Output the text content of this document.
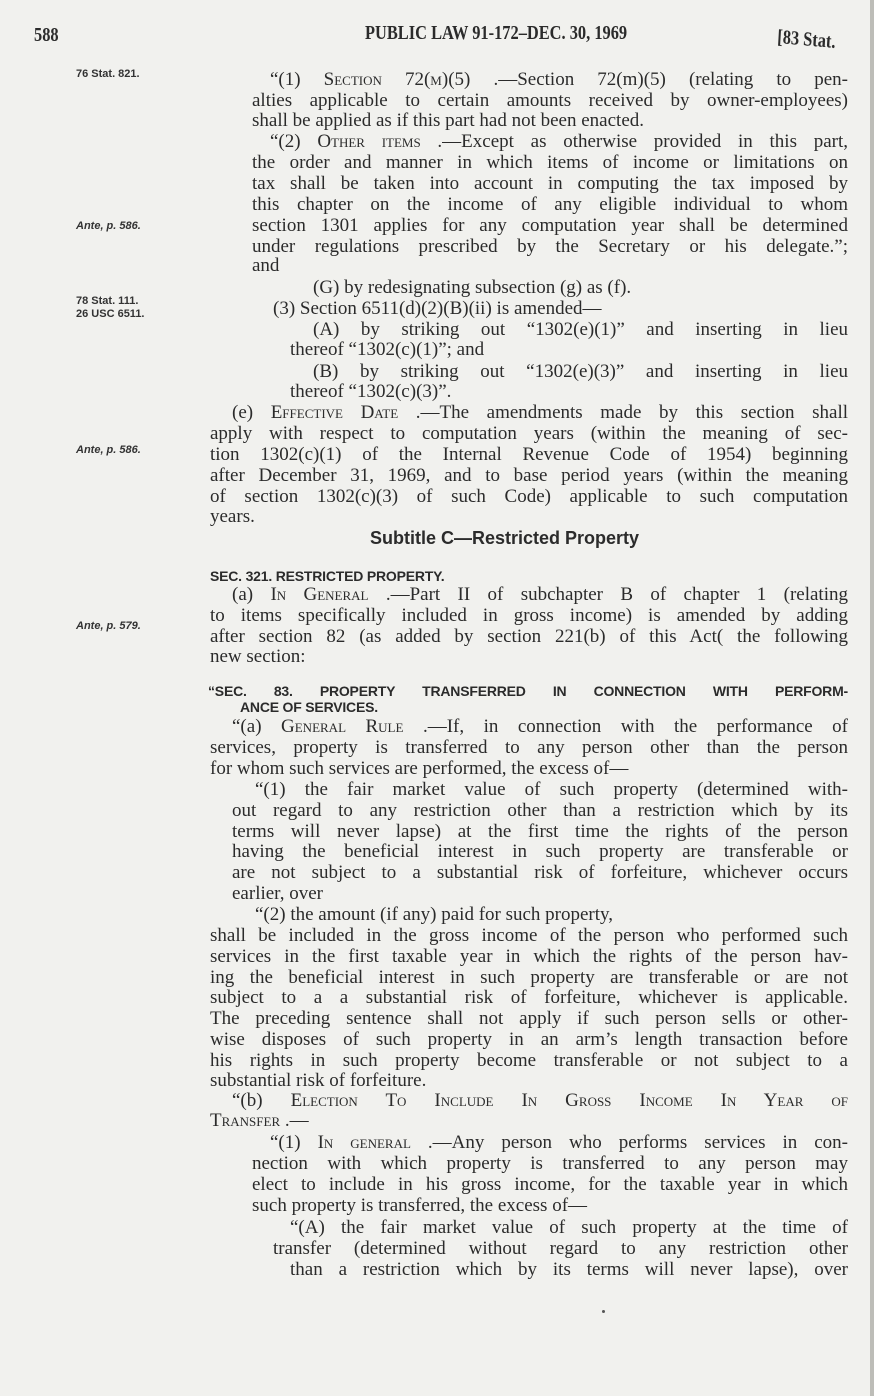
588	PUBLIC LAW 91-172–DEC. 30, 1969	[83 Stat.
76 Stat. 821.
Ante, p. 586.
78 Stat. 111.
26 USC 6511.
Ante, p. 586.
Ante, p. 579.
“(1) Section 72(m)(5) .—Section 72(m)(5) (relating to pen-
alties applicable to certain amounts received by owner-employees)
shall be applied as if this part had not been enacted.
“(2) Other items .—Except as otherwise provided in this part,
the order and manner in which items of income or limitations on
tax shall be taken into account in computing the tax imposed by
this chapter on the income of any eligible individual to whom
section 1301 applies for any computation year shall be determined
under regulations prescribed by the Secretary or his delegate.”;
and
(G) by redesignating subsection (g) as (f).
(3) Section 6511(d)(2)(B)(ii) is amended—
(A) by striking out “1302(e)(1)” and inserting in lieu
thereof “1302(c)(1)”; and
(B) by striking out “1302(e)(3)” and inserting in lieu
thereof “1302(c)(3)”.
(e) Effective Date .—The amendments made by this section shall
apply with respect to computation years (within the meaning of sec-
tion 1302(c)(1) of the Internal Revenue Code of 1954) beginning
after December 31, 1969, and to base period years (within the meaning
of section 1302(c)(3) of such Code) applicable to such computation
years.
Subtitle C—Restricted Property
SEC. 321. RESTRICTED PROPERTY.
(a) In General .—Part II of subchapter B of chapter 1 (relating
to items specifically included in gross income) is amended by adding
after section 82 (as added by section 221(b) of this Act( the following
new section:
“SEC. 83. PROPERTY TRANSFERRED IN CONNECTION WITH PERFORM-
ANCE OF SERVICES.
“(a) General Rule .—If, in connection with the performance of
services, property is transferred to any person other than the person
for whom such services are performed, the excess of—
“(1) the fair market value of such property (determined with-
out regard to any restriction other than a restriction which by its
terms will never lapse) at the first time the rights of the person
having the beneficial interest in such property are transferable or
are not subject to a substantial risk of forfeiture, whichever occurs
earlier, over
“(2) the amount (if any) paid for such property,
shall be included in the gross income of the person who performed such
services in the first taxable year in which the rights of the person hav-
ing the beneficial interest in such property are transferable or are not
subject to a a substantial risk of forfeiture, whichever is applicable.
The preceding sentence shall not apply if such person sells or other-
wise disposes of such property in an arm’s length transaction before
his rights in such property become transferable or not subject to a
substantial risk of forfeiture.
“(b) Election To Include In Gross Income In Year of
Transfer .—
“(1) In general .—Any person who performs services in con-
nection with which property is transferred to any person may
elect to include in his gross income, for the taxable year in which
such property is transferred, the excess of—
“(A) the fair market value of such property at the time of
transfer (determined without regard to any restriction other
than a restriction which by its terms will never lapse), over
